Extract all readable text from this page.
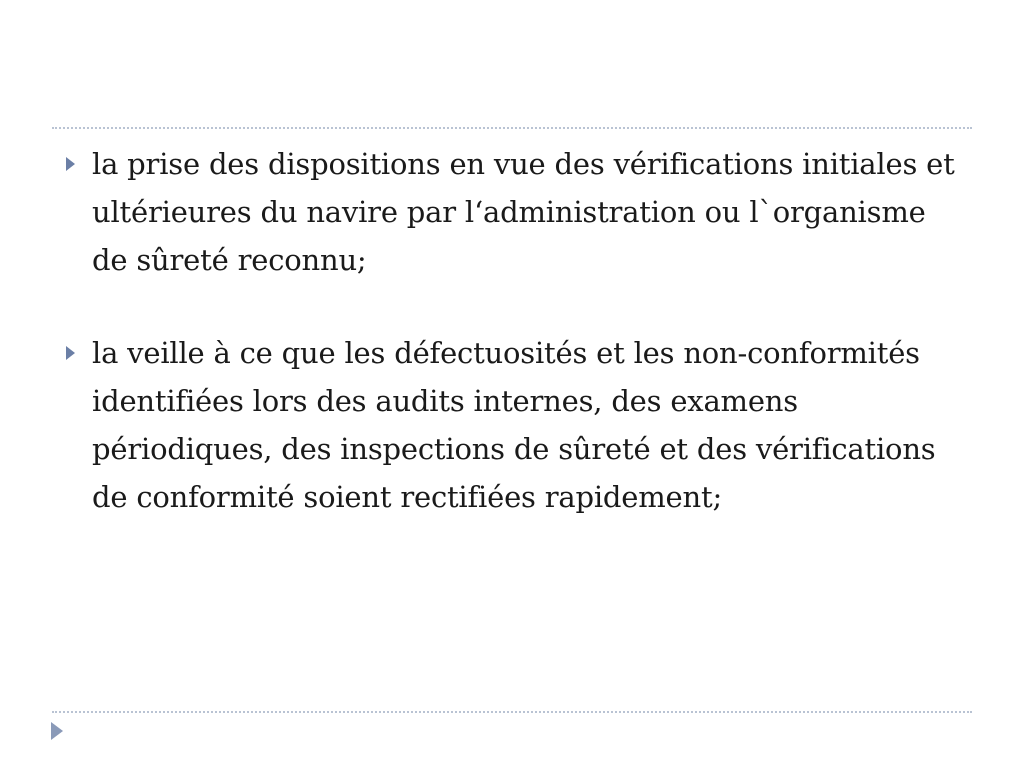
la prise des dispositions en vue des vérifications initiales et ultérieures du navire par l‘administration ou l`organisme de sûreté reconnu;
la veille à ce que les défectuosités et les non-conformités identifiées lors des audits internes, des examens périodiques, des inspections de sûreté et des vérifications de conformité soient rectifiées rapidement;
